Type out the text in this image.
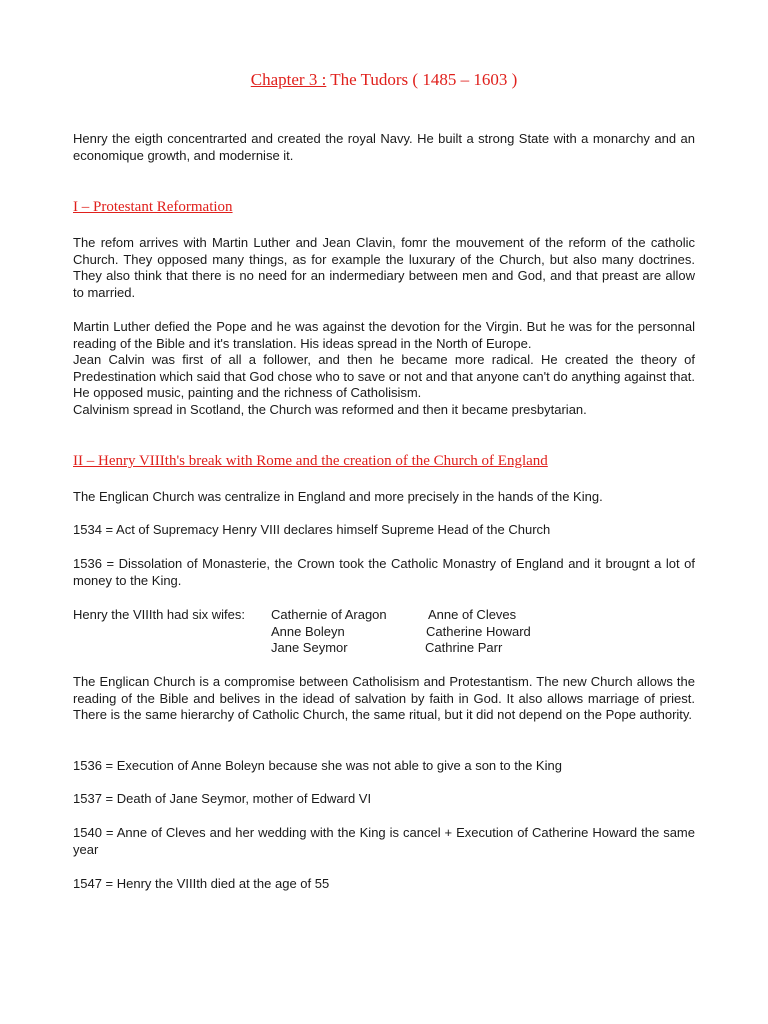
Chapter 3 : The Tudors ( 1485 – 1603 )

Henry the eigth concentrarted and created the royal Navy. He built a strong State with a monarchy and an economique growth, and modernise it.

I – Protestant Reformation

The refom arrives with Martin Luther and Jean Clavin, fomr the mouvement of the reform of the catholic Church. They opposed many things, as for example the luxurary of the Church, but also many doctrines. They also think that there is no need for an indermediary between men and God, and that preast are allow to married.

Martin Luther defied the Pope and he was against the devotion for the Virgin. But he was for the personnal reading of the Bible and it's translation. His ideas spread in the North of Europe.
Jean Calvin was first of all a follower, and then he became more radical. He created the theory of Predestination which said that God chose who to save or not and that anyone can't do anything against that. He opposed music, painting and the richness of Catholisism.
Calvinism spread in Scotland, the Church was reformed and then it became presbytarian.
II – Henry VIIIth's break with Rome and the creation of the Church of England

The Englican Church was centralize in England and more precisely in the hands of the King.

1534 = Act of Supremacy Henry VIII declares himself Supreme Head of the Church

1536 = Dissolation of Monasterie, the Crown took the Catholic Monastry of England and it brougnt a lot of money to the King.

Henry the VIIIth had six wifes: Cathernie of Aragon	Anne of Cleves
Anne Boleyn	Catherine Howard
Jane Seymor	Cathrine Parr

The Englican Church is a compromise between Catholisism and Protestantism. The new Church allows the reading of the Bible and belives in the idead of salvation by faith in God. It also allows marriage of priest. There is the same hierarchy of Catholic Church, the same ritual, but it did not depend on the Pope authority.

1536 = Execution of Anne Boleyn because she was not able to give a son to the King

1537 = Death of Jane Seymor, mother of Edward VI

1540 = Anne of Cleves and her wedding with the King is cancel + Execution of Catherine Howard the same year

1547 = Henry the VIIIth died at the age of 55
